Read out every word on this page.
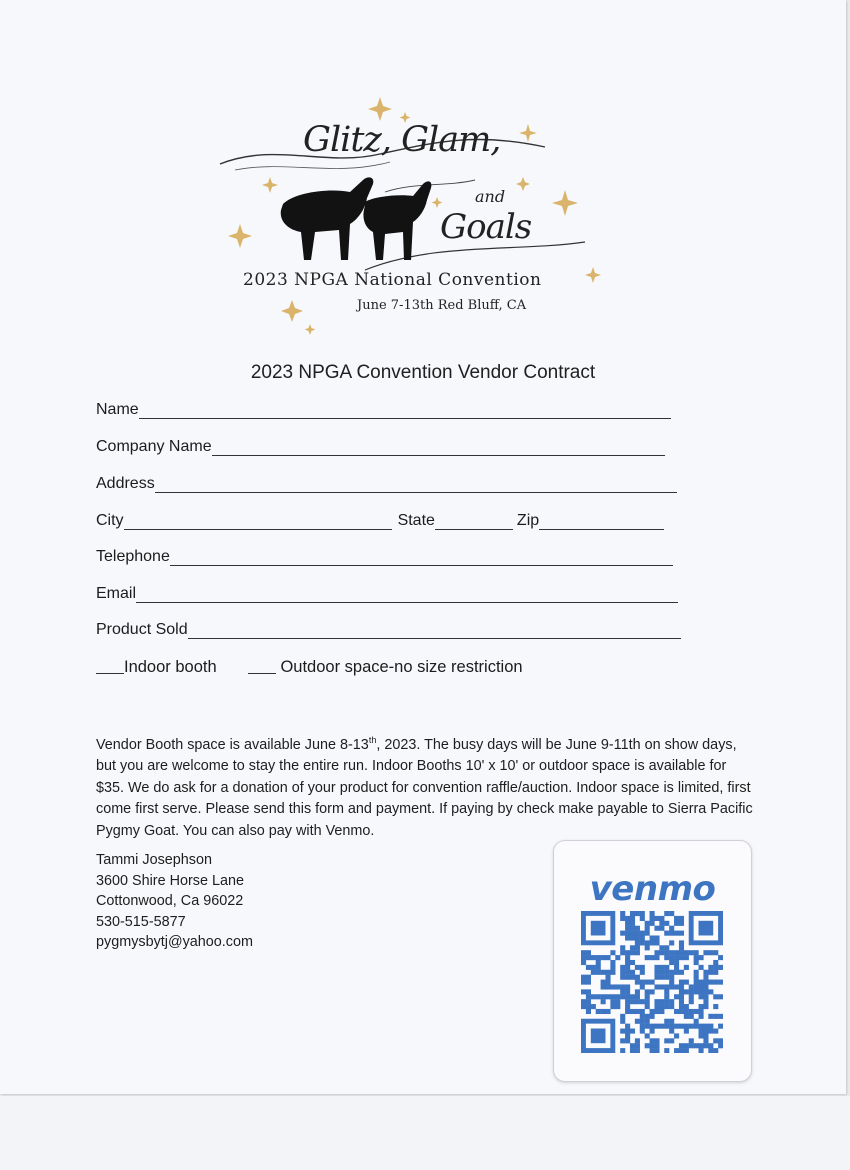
Glitz, Glam,
and
Goals
2023 NPGA National Convention
June 7-13th Red Bluff, CA
2023 NPGA Convention Vendor Contract
Name
Company Name
Address
City	State	Zip
Telephone
Email
Product Sold
Indoor booth	Outdoor space-no size restriction
Vendor Booth space is available June 8-13th, 2023. The busy days will be June 9-11th on show days, but you are welcome to stay the entire run. Indoor Booths 10' x 10' or outdoor space is available for $35. We do ask for a donation of your product for convention raffle/auction. Indoor space is limited, first come first serve. Please send this form and payment. If paying by check make payable to Sierra Pacific Pygmy Goat. You can also pay with Venmo.
Tammi Josephson
3600 Shire Horse Lane
Cottonwood, Ca 96022
530-515-5877
pygmysbytj@yahoo.com
venmo
